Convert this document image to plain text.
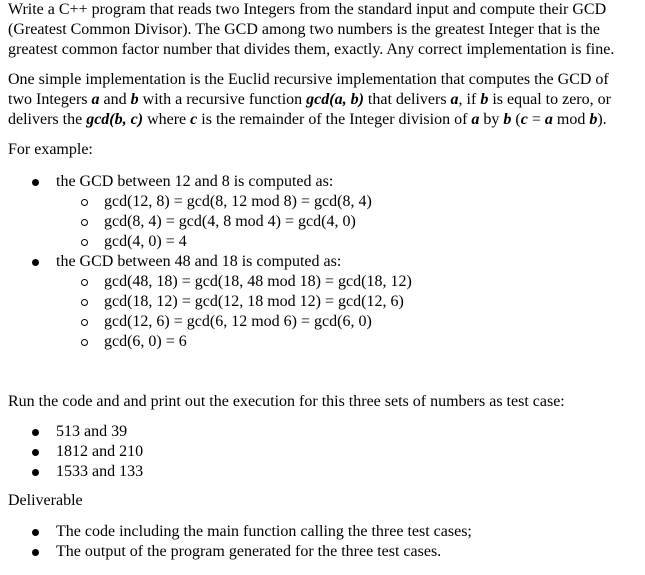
Write a C++ program that reads two Integers from the standard input and compute their GCD
(Greatest Common Divisor). The GCD among two numbers is the greatest Integer that is the
greatest common factor number that divides them, exactly. Any correct implementation is fine.

One simple implementation is the Euclid recursive implementation that computes the GCD of
two Integers a and b with a recursive function gcd(a, b) that delivers a, if b is equal to zero, or
delivers the gcd(b, c) where c is the remainder of the Integer division of a by b (c = a mod b).

For example:

the GCD between 12 and 8 is computed as:
gcd(12, 8) = gcd(8, 12 mod 8) = gcd(8, 4)
gcd(8, 4) = gcd(4, 8 mod 4) = gcd(4, 0)
gcd(4, 0) = 4
the GCD between 48 and 18 is computed as:
gcd(48, 18) = gcd(18, 48 mod 18) = gcd(18, 12)
gcd(18, 12) = gcd(12, 18 mod 12) = gcd(12, 6)
gcd(12, 6) = gcd(6, 12 mod 6) = gcd(6, 0)
gcd(6, 0) = 6

Run the code and and print out the execution for this three sets of numbers as test case:

513 and 39
1812 and 210
1533 and 133

Deliverable

The code including the main function calling the three test cases;
The output of the program generated for the three test cases.
